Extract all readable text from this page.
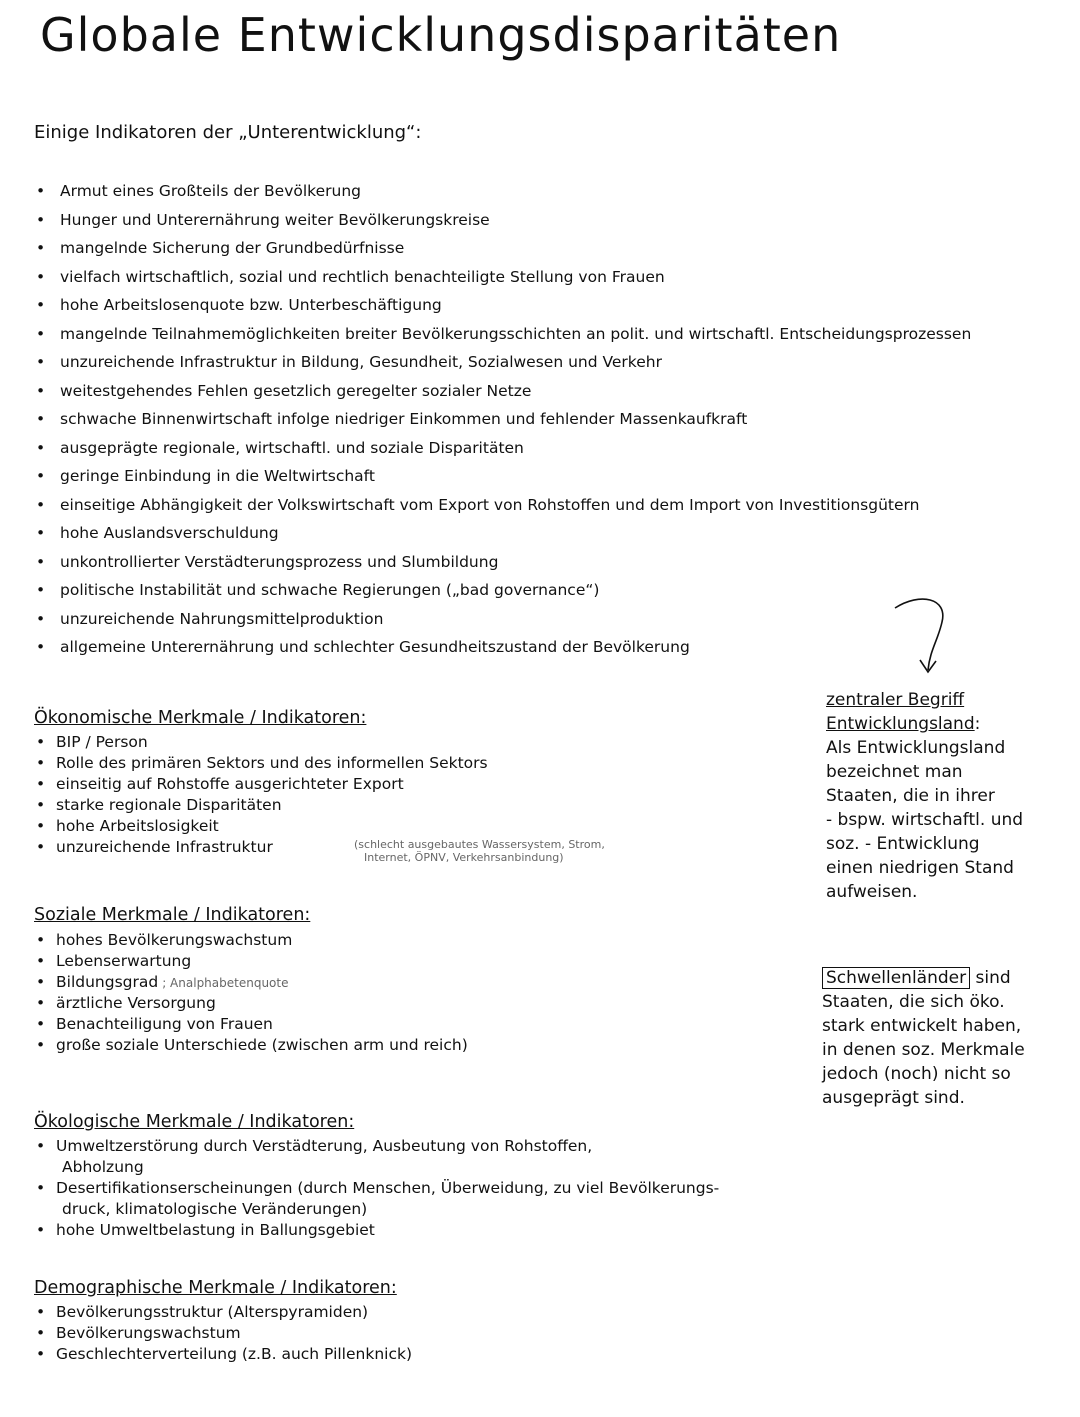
Globale Entwicklungsdisparitäten
Einige Indikatoren der „Unterentwicklung“:
• Armut eines Großteils der Bevölkerung
• Hunger und Unterernährung weiter Bevölkerungskreise
• mangelnde Sicherung der Grundbedürfnisse
• vielfach wirtschaftlich, sozial und rechtlich benachteiligte Stellung von Frauen
• hohe Arbeitslosenquote bzw. Unterbeschäftigung
• mangelnde Teilnahmemöglichkeiten breiter Bevölkerungsschichten an polit. und wirtschaftl. Entscheidungsprozessen
• unzureichende Infrastruktur in Bildung, Gesundheit, Sozialwesen und Verkehr
• weitestgehendes Fehlen gesetzlich geregelter sozialer Netze
• schwache Binnenwirtschaft infolge niedriger Einkommen und fehlender Massenkaufkraft
• ausgeprägte regionale, wirtschaftl. und soziale Disparitäten
• geringe Einbindung in die Weltwirtschaft
• einseitige Abhängigkeit der Volkswirtschaft vom Export von Rohstoffen und dem Import von Investitionsgütern
• hohe Auslandsverschuldung
• unkontrollierter Verstädterungsprozess und Slumbildung
• politische Instabilität und schwache Regierungen („bad governance“)
• unzureichende Nahrungsmittelproduktion
• allgemeine Unterernährung und schlechter Gesundheitszustand der Bevölkerung
Ökonomische Merkmale / Indikatoren:
• BIP / Person
• Rolle des primären Sektors und des informellen Sektors
• einseitig auf Rohstoffe ausgerichteter Export
• starke regionale Disparitäten
• hohe Arbeitslosigkeit
• unzureichende Infrastruktur	(schlecht ausgebautes Wassersystem, Strom,
Internet, ÖPNV, Verkehrsanbindung)
Soziale Merkmale / Indikatoren:
• hohes Bevölkerungswachstum
• Lebenserwartung
• Bildungsgrad ; Analphabetenquote
• ärztliche Versorgung
• Benachteiligung von Frauen
• große soziale Unterschiede (zwischen arm und reich)
Ökologische Merkmale / Indikatoren:
• Umweltzerstörung durch Verstädterung, Ausbeutung von Rohstoffen,
Abholzung
• Desertifikationserscheinungen (durch Menschen, Überweidung, zu viel Bevölkerungs-
druck, klimatologische Veränderungen)
• hohe Umweltbelastung in Ballungsgebiet
Demographische Merkmale / Indikatoren:
• Bevölkerungsstruktur (Alterspyramiden)
• Bevölkerungswachstum
• Geschlechterverteilung (z.B. auch Pillenknick)
zentraler Begriff
Entwicklungsland:
Als Entwicklungsland
bezeichnet man
Staaten, die in ihrer
- bspw. wirtschaftl. und
soz. - Entwicklung
einen niedrigen Stand
aufweisen.
Schwellenländer sind
Staaten, die sich öko.
stark entwickelt haben,
in denen soz. Merkmale
jedoch (noch) nicht so
ausgeprägt sind.
